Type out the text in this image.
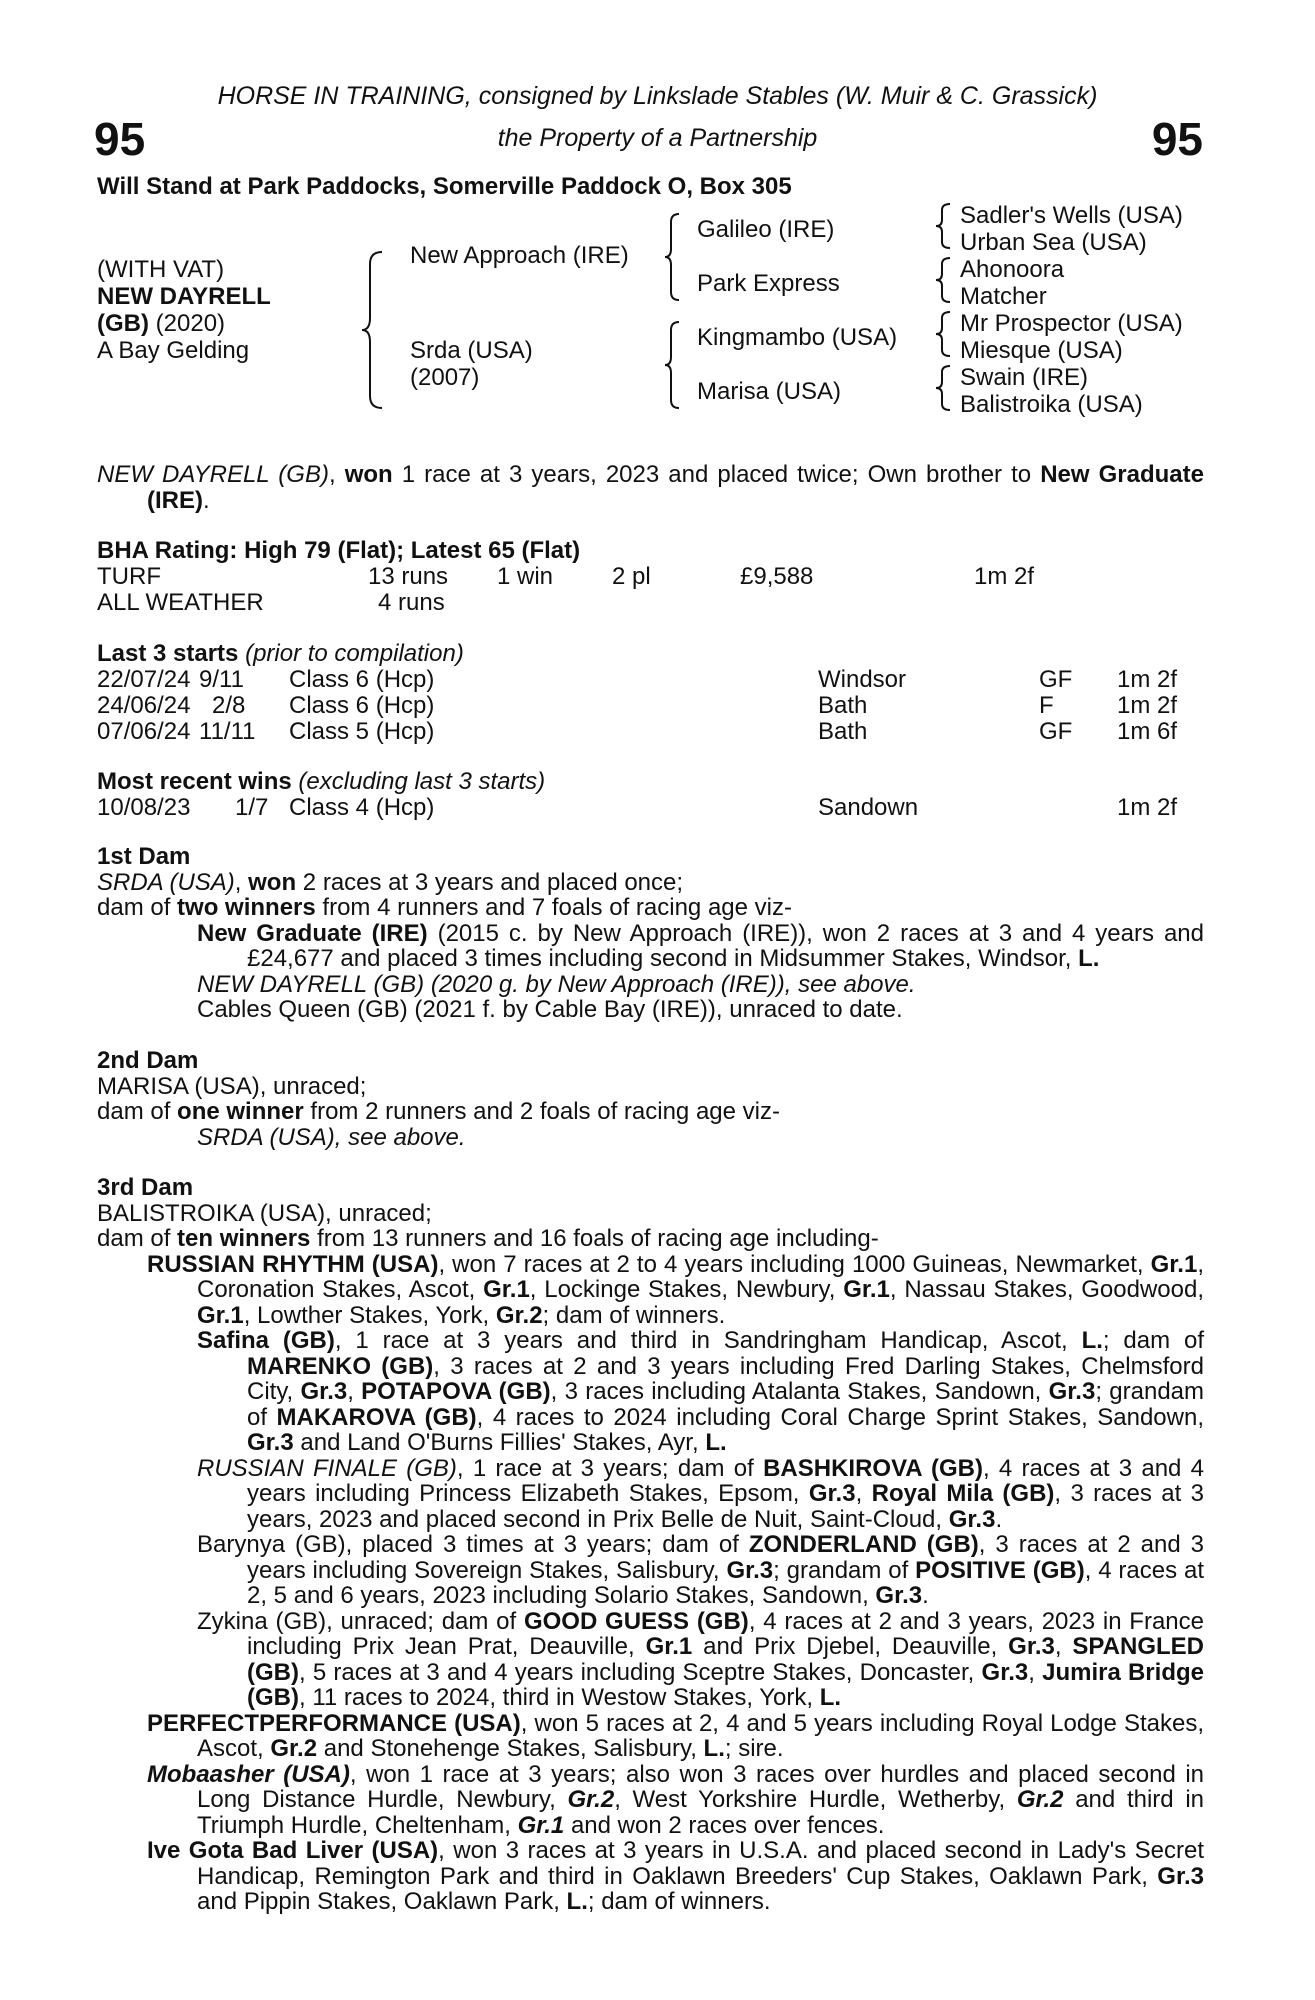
HORSE IN TRAINING, consigned by Linkslade Stables (W. Muir & C. Grassick)
the Property of a Partnership
95	95
Will Stand at Park Paddocks, Somerville Paddock O, Box 305
(WITH VAT)
NEW DAYRELL
(GB) (2020)
A Bay Gelding
New Approach (IRE)
Srda (USA)
(2007)
Galileo (IRE)
Park Express
Kingmambo (USA)
Marisa (USA)
Sadler's Wells (USA)
Urban Sea (USA)
Ahonoora
Matcher
Mr Prospector (USA)
Miesque (USA)
Swain (IRE)
Balistroika (USA)

NEW DAYRELL (GB), won 1 race at 3 years, 2023 and placed twice; Own brother to New Graduate (IRE).

BHA Rating: High 79 (Flat); Latest 65 (Flat)
TURF	13 runs 1 win 2 pl	£9,588	1m 2f
ALL WEATHER	4 runs
Last 3 starts (prior to compilation)
22/07/24 9/11 Class 6 (Hcp)	Windsor	GF 1m 2f
24/06/24 2/8 Class 6 (Hcp)	Bath	F	1m 2f
07/06/24 11/11 Class 5 (Hcp)	Bath	GF 1m 6f
Most recent wins (excluding last 3 starts)
10/08/23 1/7 Class 4 (Hcp)	Sandown	1m 2f

1st Dam

SRDA (USA), won 2 races at 3 years and placed once;

dam of two winners from 4 runners and 7 foals of racing age viz-

New Graduate (IRE) (2015 c. by New Approach (IRE)), won 2 races at 3 and 4 years and £24,677 and placed 3 times including second in Midsummer Stakes, Windsor, L.

NEW DAYRELL (GB) (2020 g. by New Approach (IRE)), see above.

Cables Queen (GB) (2021 f. by Cable Bay (IRE)), unraced to date.

2nd Dam

MARISA (USA), unraced;

dam of one winner from 2 runners and 2 foals of racing age viz-

SRDA (USA), see above.

3rd Dam

BALISTROIKA (USA), unraced;

dam of ten winners from 13 runners and 16 foals of racing age including-

RUSSIAN RHYTHM (USA), won 7 races at 2 to 4 years including 1000 Guineas, Newmarket, Gr.1, Coronation Stakes, Ascot, Gr.1, Lockinge Stakes, Newbury, Gr.1, Nassau Stakes, Goodwood, Gr.1, Lowther Stakes, York, Gr.2; dam of winners.

Safina (GB), 1 race at 3 years and third in Sandringham Handicap, Ascot, L.; dam of MARENKO (GB), 3 races at 2 and 3 years including Fred Darling Stakes, Chelmsford City, Gr.3, POTAPOVA (GB), 3 races including Atalanta Stakes, Sandown, Gr.3; grandam of MAKAROVA (GB), 4 races to 2024 including Coral Charge Sprint Stakes, Sandown, Gr.3 and Land O'Burns Fillies' Stakes, Ayr, L.

RUSSIAN FINALE (GB), 1 race at 3 years; dam of BASHKIROVA (GB), 4 races at 3 and 4 years including Princess Elizabeth Stakes, Epsom, Gr.3, Royal Mila (GB), 3 races at 3 years, 2023 and placed second in Prix Belle de Nuit, Saint-Cloud, Gr.3.

Barynya (GB), placed 3 times at 3 years; dam of ZONDERLAND (GB), 3 races at 2 and 3 years including Sovereign Stakes, Salisbury, Gr.3; grandam of POSITIVE (GB), 4 races at 2, 5 and 6 years, 2023 including Solario Stakes, Sandown, Gr.3.

Zykina (GB), unraced; dam of GOOD GUESS (GB), 4 races at 2 and 3 years, 2023 in France including Prix Jean Prat, Deauville, Gr.1 and Prix Djebel, Deauville, Gr.3, SPANGLED (GB), 5 races at 3 and 4 years including Sceptre Stakes, Doncaster, Gr.3, Jumira Bridge (GB), 11 races to 2024, third in Westow Stakes, York, L.

PERFECTPERFORMANCE (USA), won 5 races at 2, 4 and 5 years including Royal Lodge Stakes, Ascot, Gr.2 and Stonehenge Stakes, Salisbury, L.; sire.

Mobaasher (USA), won 1 race at 3 years; also won 3 races over hurdles and placed second in Long Distance Hurdle, Newbury, Gr.2, West Yorkshire Hurdle, Wetherby, Gr.2 and third in Triumph Hurdle, Cheltenham, Gr.1 and won 2 races over fences.

Ive Gota Bad Liver (USA), won 3 races at 3 years in U.S.A. and placed second in Lady's Secret Handicap, Remington Park and third in Oaklawn Breeders' Cup Stakes, Oaklawn Park, Gr.3 and Pippin Stakes, Oaklawn Park, L.; dam of winners.
